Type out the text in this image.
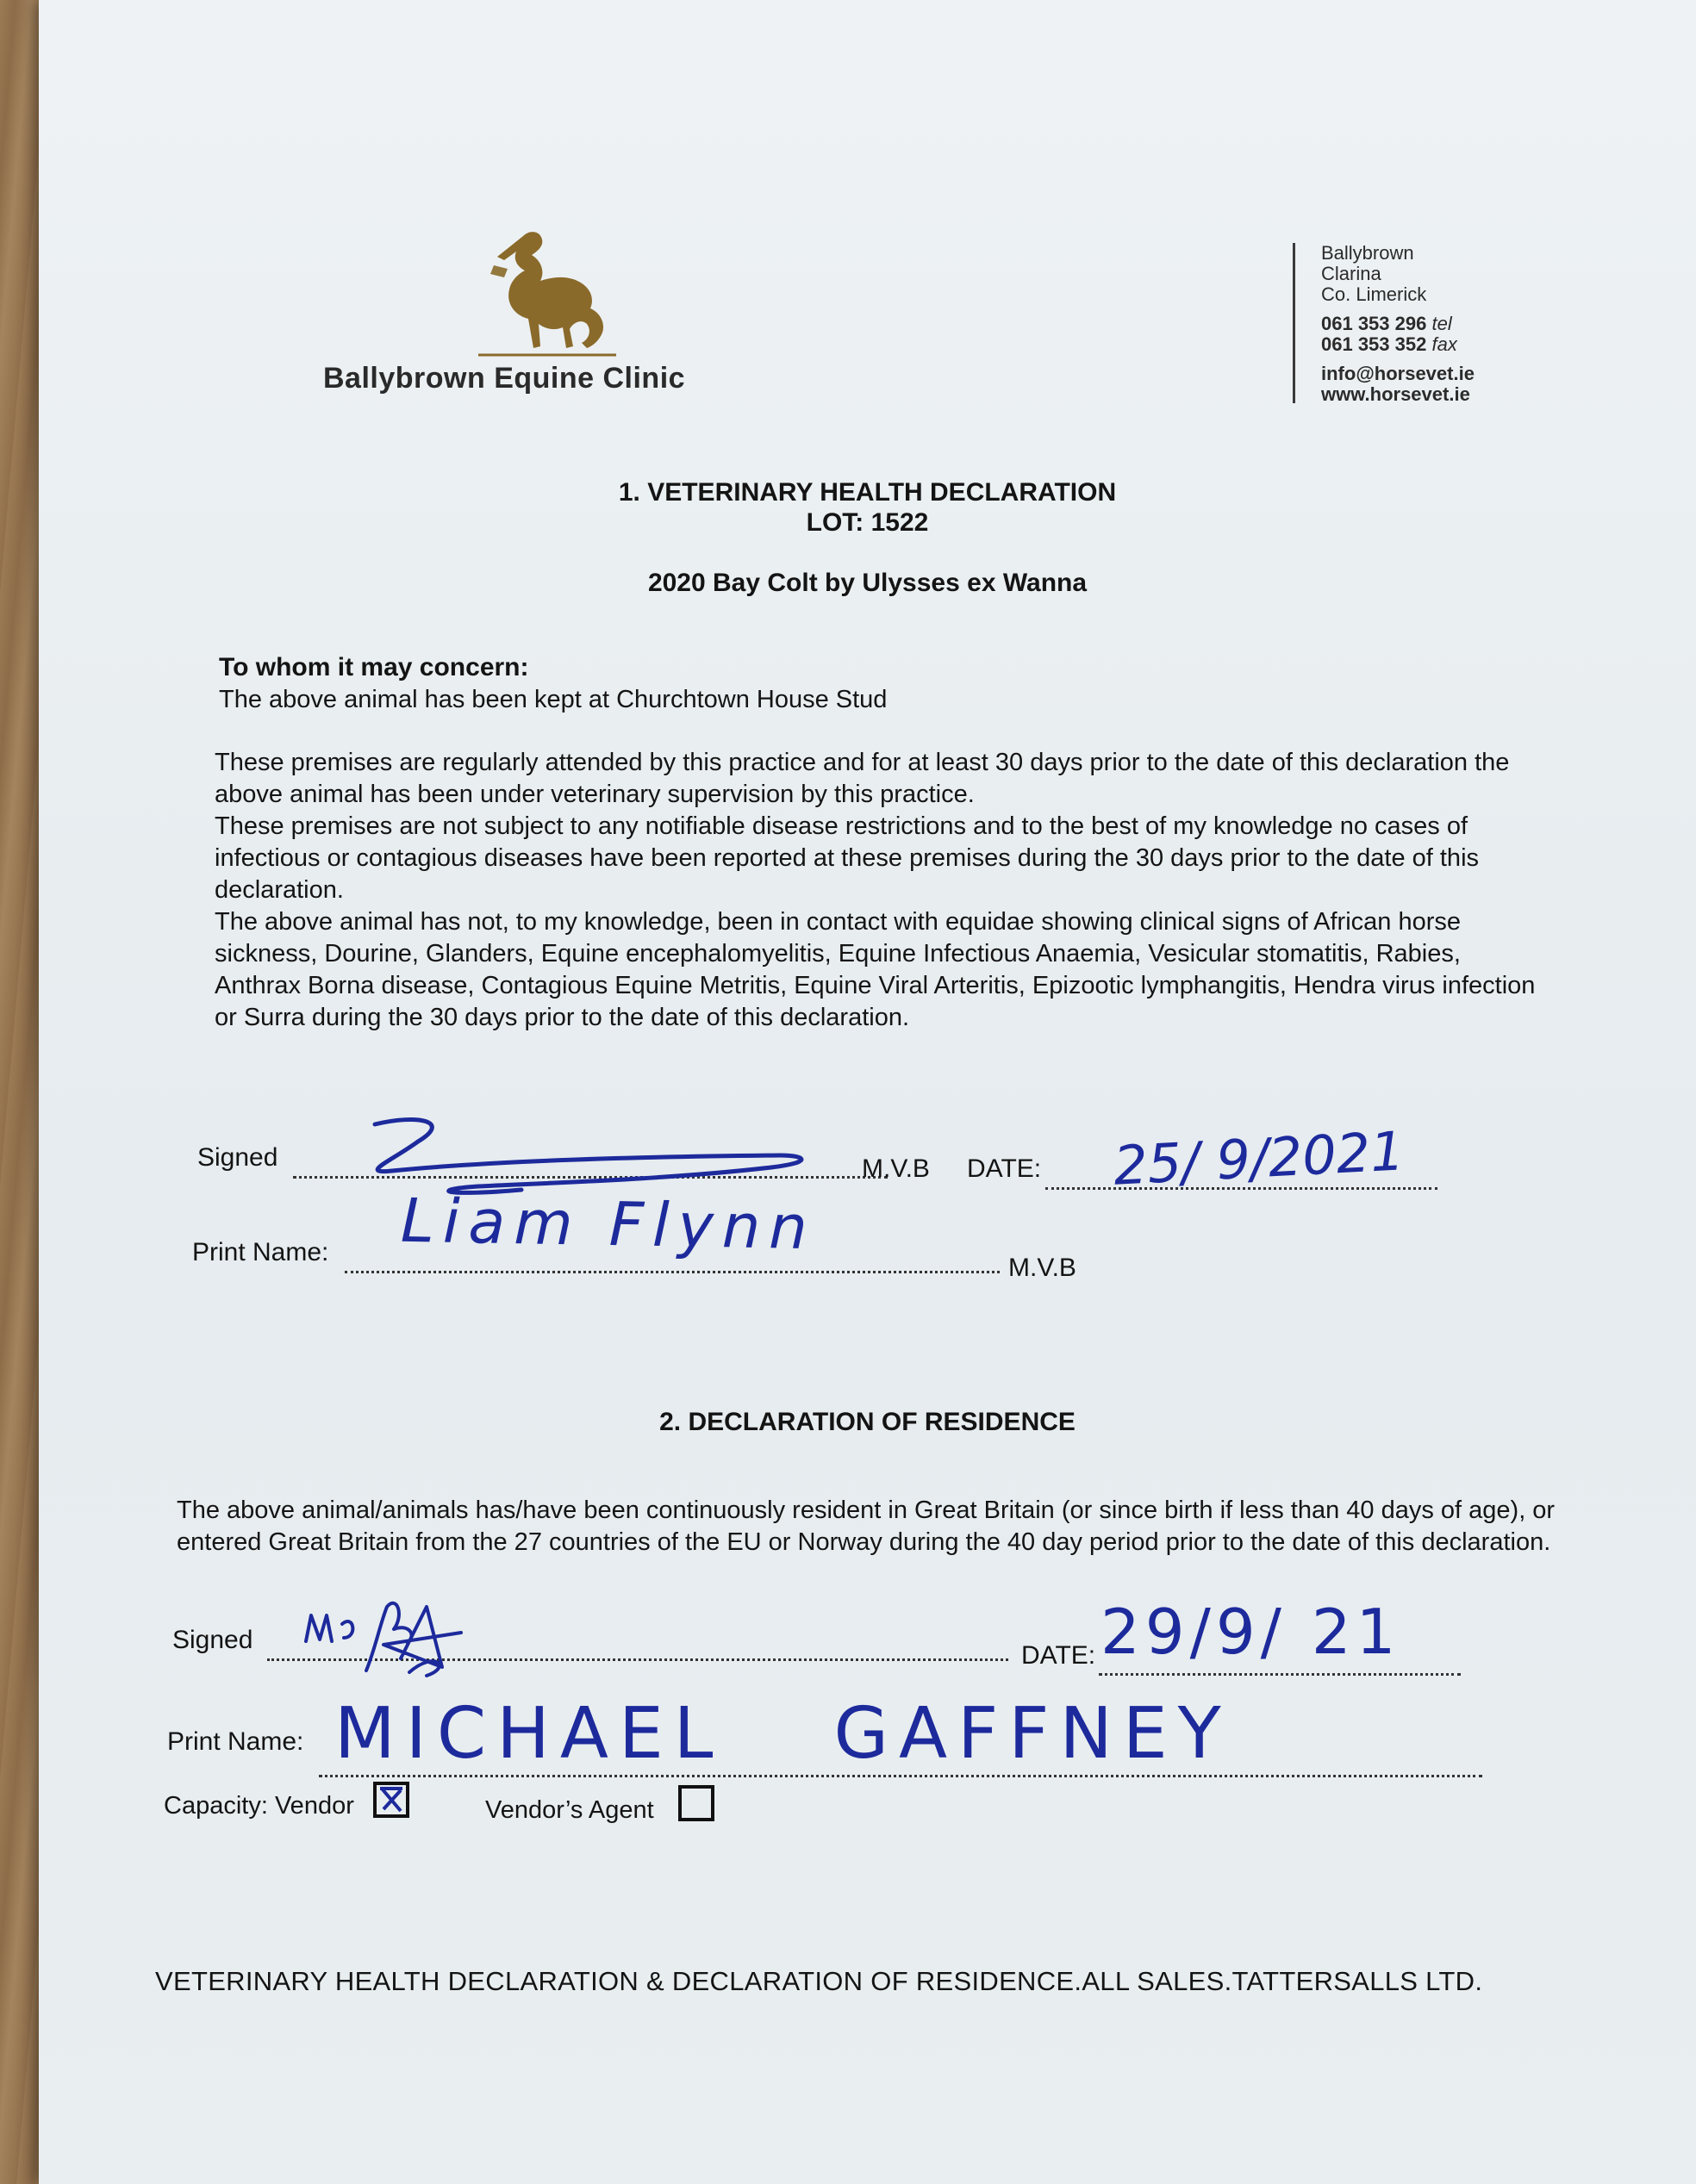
Ballybrown Equine Clinic
Ballybrown
Clarina
Co. Limerick
061 353 296 tel
061 353 352 fax
info@horsevet.ie
www.horsevet.ie
1. VETERINARY HEALTH DECLARATION
LOT: 1522
2020 Bay Colt by Ulysses ex Wanna
To whom it may concern:
The above animal has been kept at Churchtown House Stud

These premises are regularly attended by this practice and for at least 30 days prior to the date of this declaration the above animal has been under veterinary supervision by this practice.

These premises are not subject to any notifiable disease restrictions and to the best of my knowledge no cases of infectious or contagious diseases have been reported at these premises during the 30 days prior to the date of this declaration.

The above animal has not, to my knowledge, been in contact with equidae showing clinical signs of African horse sickness, Dourine, Glanders, Equine encephalomyelitis, Equine Infectious Anaemia, Vesicular stomatitis, Rabies, Anthrax Borna disease, Contagious Equine Metritis, Equine Viral Arteritis, Epizootic lymphangitis, Hendra virus infection or Surra during the 30 days prior to the date of this declaration.

Signed	M.V.B DATE: 25/ 9/2021
Print Name: Liam Flynn
M.V.B
2. DECLARATION OF RESIDENCE
The above animal/animals has/have been continuously resident in Great Britain (or since birth if less than 40 days of age), or entered Great Britain from the 27 countries of the EU or Norway during the 40 day period prior to the date of this declaration.
Signed
DATE: 29/9/ 21
Print Name: MICHAEL GAFFNEY
Capacity: Vendor	Vendor’s Agent
VETERINARY HEALTH DECLARATION & DECLARATION OF RESIDENCE.ALL SALES.TATTERSALLS LTD.
